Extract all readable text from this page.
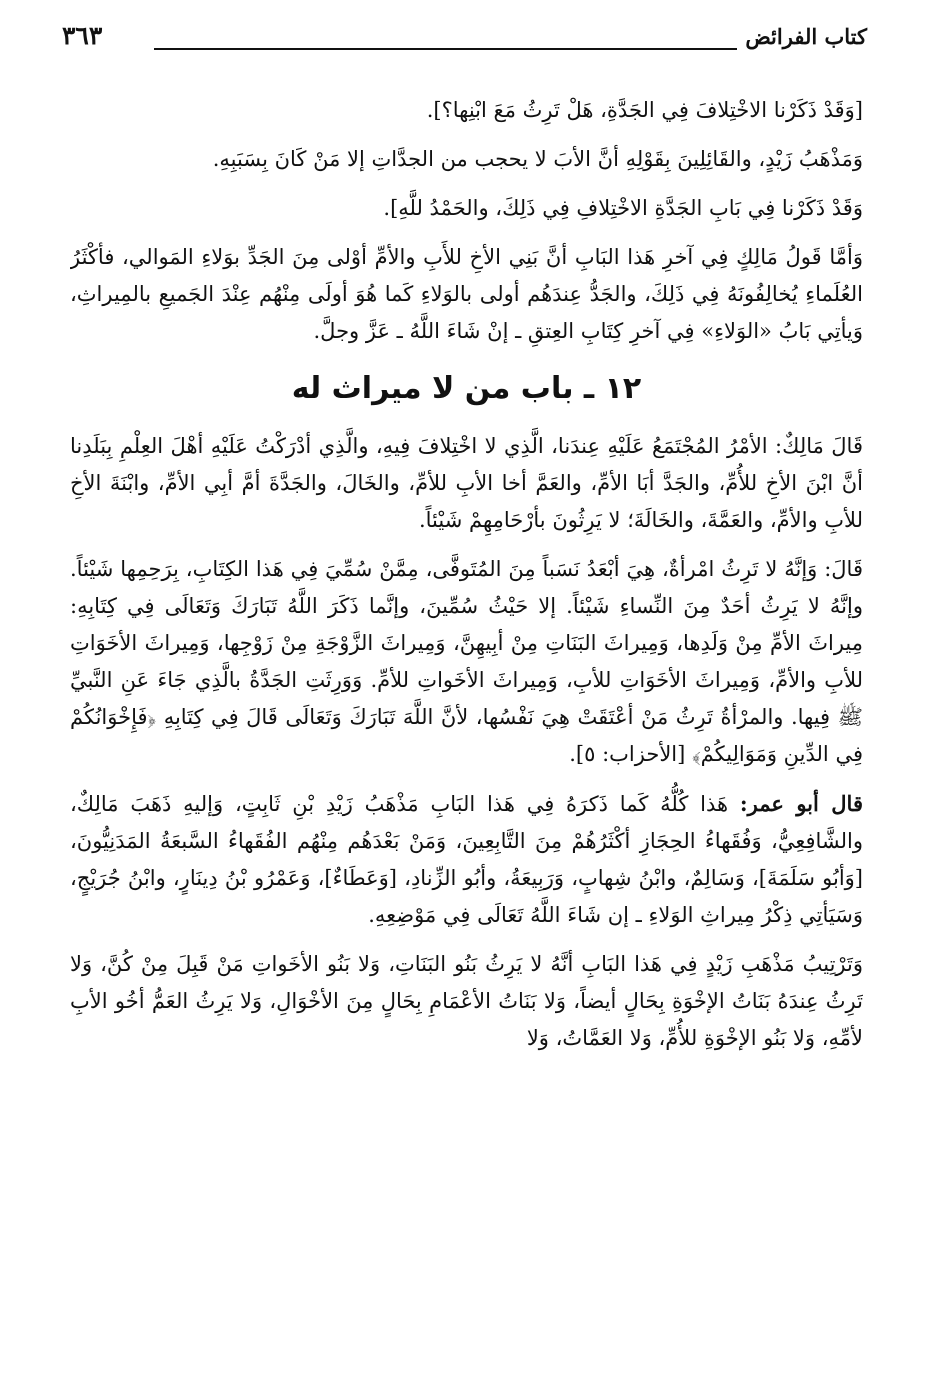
كتاب الفرائض
٣٦٣

[وَقَدْ ذَكَرْنا الاخْتِلافَ فِي الجَدَّةِ، هَلْ تَرِثُ مَعَ ابْنِها؟].

وَمَذْهَبُ زَيْدٍ، والقَائِلِينَ بِقَوْلِهِ أنَّ الأبَ لا يحجب من الجدَّاتِ إلا مَنْ كَانَ بِسَبَبِهِ.

وَقَدْ ذَكَرْنا فِي بَابِ الجَدَّةِ الاخْتِلافِ فِي ذَلِكَ، والحَمْدُ للَّهِ].

وَأمَّا قَولُ مَالِكٍ فِي آخرِ هَذا البَابِ أنَّ بَنِي الأخِ للأَبِ والأمِّ أوْلى مِنَ الجَدِّ بوَلاءِ المَوالي، فأكْثَرُ العُلَماءِ يُخالِفُونَهُ فِي ذَلِكَ، والجَدُّ عِندَهُم أولى بالوَلاءِ كَما هُوَ أولَى مِنْهُم عِنْدَ الجَميعِ بالمِيراثِ، وَيأتِي بَابُ «الوَلاءِ» فِي آخرِ كِتَابِ العِتقِ ـ إنْ شَاءَ اللَّهُ ـ عَزَّ وجلَّ.

١٢ ـ باب من لا ميراث له

قَالَ مَالِكٌ: الأمْرُ المُجْتَمَعُ عَلَيْهِ عِندَنا، الَّذِي لا اخْتِلافَ فِيهِ، والَّذِي أدْرَكْتُ عَلَيْهِ أهْلَ العِلْمِ بِبَلَدِنا أنَّ ابْنَ الأخِ للأُمِّ، والجَدَّ أبَا الأمِّ، والعَمَّ أخا الأبِ للأمِّ، والخَالَ، والجَدَّةَ أمَّ أبِي الأمِّ، وابْنَةَ الأخِ للأبِ والأمِّ، والعَمَّةَ، والخَالَةَ؛ لا يَرِثُونَ بأرْحَامِهِمْ شَيْئاً.

قَالَ: وَإنَّهُ لا تَرِثُ امْرأةٌ، هِيَ أبْعَدُ نَسَباً مِنَ المُتَوفَّى، مِمَّنْ سُمِّيَ فِي هَذا الكِتَابِ، بِرَحِمِها شَيْئاً. وإنَّهُ لا يَرِثُ أحَدٌ مِنَ النِّساءِ شَيْئاً. إلا حَيْثُ سُمِّينَ، وإنَّما ذَكَرَ اللَّهُ تَبَارَكَ وَتَعَالَى فِي كِتَابِهِ: مِيراثَ الأمِّ مِنْ وَلَدِها، وَمِيراثَ البَنَاتِ مِنْ أبِيهِنَّ، وَمِيراثَ الزَّوْجَةِ مِنْ زَوْجِها، وَمِيراثَ الأخَوَاتِ للأبِ والأمِّ، وَمِيراثَ الأخَوَاتِ للأبِ، وَمِيراثَ الأخَواتِ للأمِّ. وَوَرِثَتِ الجَدَّةُ بالَّذِي جَاءَ عَنِ النَّبيِّ ﷺ فِيها. والمرْأةُ تَرِثُ مَنْ أعْتَقَتْ هِيَ نَفْسُها، لأنَّ اللَّهَ تَبَارَكَ وَتَعَالَى قَالَ فِي كِتَابِهِ ﴿فَإِخْوَانُكُمْ فِي الدِّينِ وَمَوَالِيكُمْ﴾ [الأحزاب: ٥].

قال أبو عمر: هَذا كُلُّهُ كَما ذَكرَهُ فِي هَذا البَابِ مَذْهَبُ زَيْدِ بْنِ ثَابِتٍ، وَإليهِ ذَهَبَ مَالِكٌ، والشَّافِعِيُّ، وَفُقَهاءُ الحِجَازِ أكْثَرُهُمْ مِنَ التَّابِعِينَ، وَمَنْ بَعْدَهُم مِنْهُم الفُقَهاءُ السَّبعَةُ المَدَنِيُّونَ، [وَأبُو سَلَمَةَ]، وَسَالِمٌ، وابْنُ شِهابٍ، وَرَبِيعَةُ، وأبُو الزِّنادِ، [وَعَطَاءٌ]، وَعَمْرُو بْنُ دِينَارٍ، وابْنُ جُرَيْجٍ، وَسَيَأتِي ذِكْرُ مِيراثِ الوَلاءِ ـ إن شَاءَ اللَّهُ تَعَالَى فِي مَوْضِعِهِ.

وَتَرْتِيبُ مَذْهَبِ زَيْدٍ فِي هَذا البَابِ أنَّهُ لا يَرِثُ بَنُو البَنَاتِ، وَلا بَنُو الأخَواتِ مَنْ قَبِلَ مِنْ كُنَّ، وَلا تَرِثُ عِندَهُ بَنَاتُ الإخْوَةِ بِحَالٍ أيضاً، وَلا بَنَاتُ الأعْمَامِ بِحَالٍ مِنَ الأخْوَالِ، وَلا يَرِثُ العَمُّ أخُو الأبِ لأمِّهِ، وَلا بَنُو الإخْوَةِ للأُمِّ، وَلا العَمَّاتُ، وَلا
